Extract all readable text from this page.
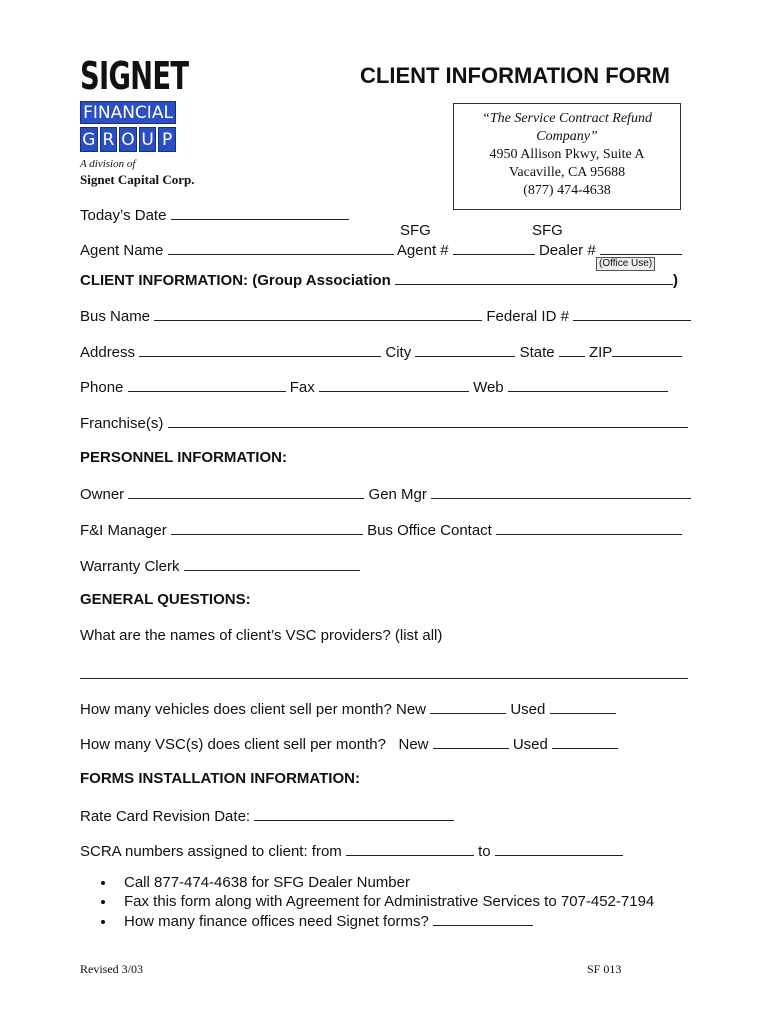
SIGNET
FINANCIAL
G R O U P
A division of
Signet Capital Corp.
CLIENT INFORMATION FORM
“The Service Contract Refund
Company”
4950 Allison Pkwy, Suite A
Vacaville, CA 95688
(877) 474-4638
Today’s Date
SFG	SFG
Agent Name	Agent #	Dealer #
(Office Use)
CLIENT INFORMATION: (Group Association	)
Bus Name	Federal ID #
Address	City	State ZIP
Phone	Fax	Web
Franchise(s)
PERSONNEL INFORMATION:
Owner	Gen Mgr
F&I Manager	Bus Office Contact
Warranty Clerk
GENERAL QUESTIONS:
What are the names of client’s VSC providers? (list all)
How many vehicles does client sell per month? New	Used
How many VSC(s) does client sell per month? New	Used
FORMS INSTALLATION INFORMATION:
Rate Card Revision Date:
SCRA numbers assigned to client: from	to
• Call 877-474-4638 for SFG Dealer Number
• Fax this form along with Agreement for Administrative Services to 707-452-7194
• How many finance offices need Signet forms?
Revised 3/03	SF 013
